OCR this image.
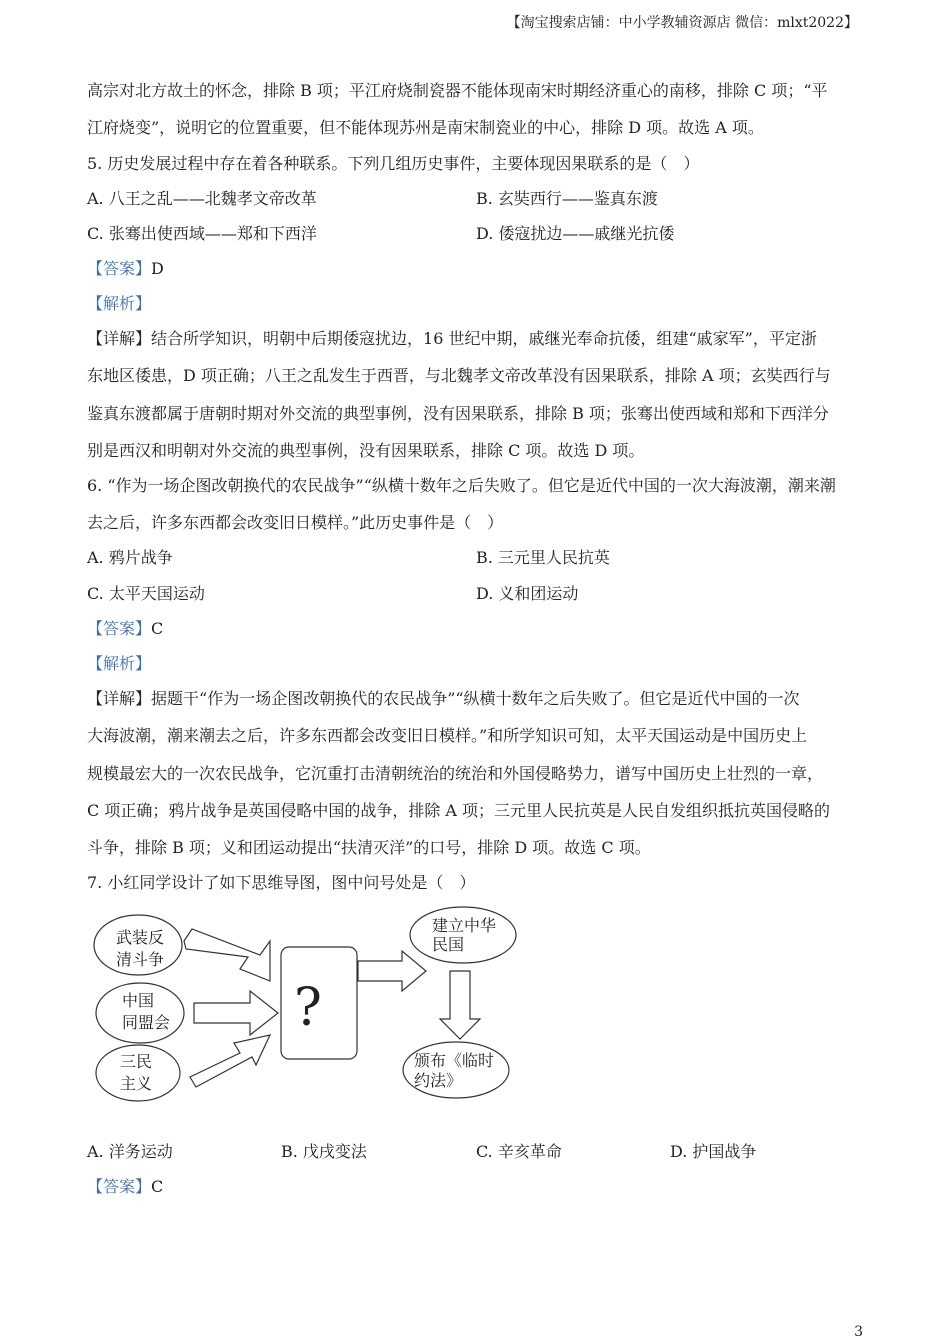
【淘宝搜索店铺：中小学教辅资源店 微信：mlxt2022】
高宗对北方故土的怀念，排除 B 项；平江府烧制瓷器不能体现南宋时期经济重心的南移，排除 C 项；“平
江府烧变”，说明它的位置重要，但不能体现苏州是南宋制瓷业的中心，排除 D 项。故选 A 项。
5. 历史发展过程中存在着各种联系。下列几组历史事件，主要体现因果联系的是（　）
A. 八王之乱——北魏孝文帝改革	B. 玄奘西行——鉴真东渡
C. 张骞出使西域——郑和下西洋	D. 倭寇扰边——戚继光抗倭
【答案】D
【解析】
【详解】结合所学知识，明朝中后期倭寇扰边，16 世纪中期，戚继光奉命抗倭，组建“戚家军”，平定浙
东地区倭患，D 项正确；八王之乱发生于西晋，与北魏孝文帝改革没有因果联系，排除 A 项；玄奘西行与
鉴真东渡都属于唐朝时期对外交流的典型事例，没有因果联系，排除 B 项；张骞出使西域和郑和下西洋分
别是西汉和明朝对外交流的典型事例，没有因果联系，排除 C 项。故选 D 项。
6. “作为一场企图改朝换代的农民战争”“纵横十数年之后失败了。但它是近代中国的一次大海波潮，潮来潮
去之后，许多东西都会改变旧日模样。”此历史事件是（　）
A. 鸦片战争	B. 三元里人民抗英
C. 太平天国运动	D. 义和团运动
【答案】C
【解析】
【详解】据题干“作为一场企图改朝换代的农民战争”“纵横十数年之后失败了。但它是近代中国的一次
大海波潮，潮来潮去之后，许多东西都会改变旧日模样。”和所学知识可知，太平天国运动是中国历史上
规模最宏大的一次农民战争，它沉重打击清朝统治的统治和外国侵略势力，谱写中国历史上壮烈的一章，
C 项正确；鸦片战争是英国侵略中国的战争，排除 A 项；三元里人民抗英是人民自发组织抵抗英国侵略的
斗争，排除 B 项；义和团运动提出“扶清灭洋”的口号，排除 D 项。故选 C 项。
7. 小红同学设计了如下思维导图，图中问号处是（　）
武装反
清斗争
中国
同盟会
三民
主义
?
建立中华
民国
颁布《临时
约法》
A. 洋务运动	B. 戊戌变法	C. 辛亥革命	D. 护国战争
【答案】C
3
